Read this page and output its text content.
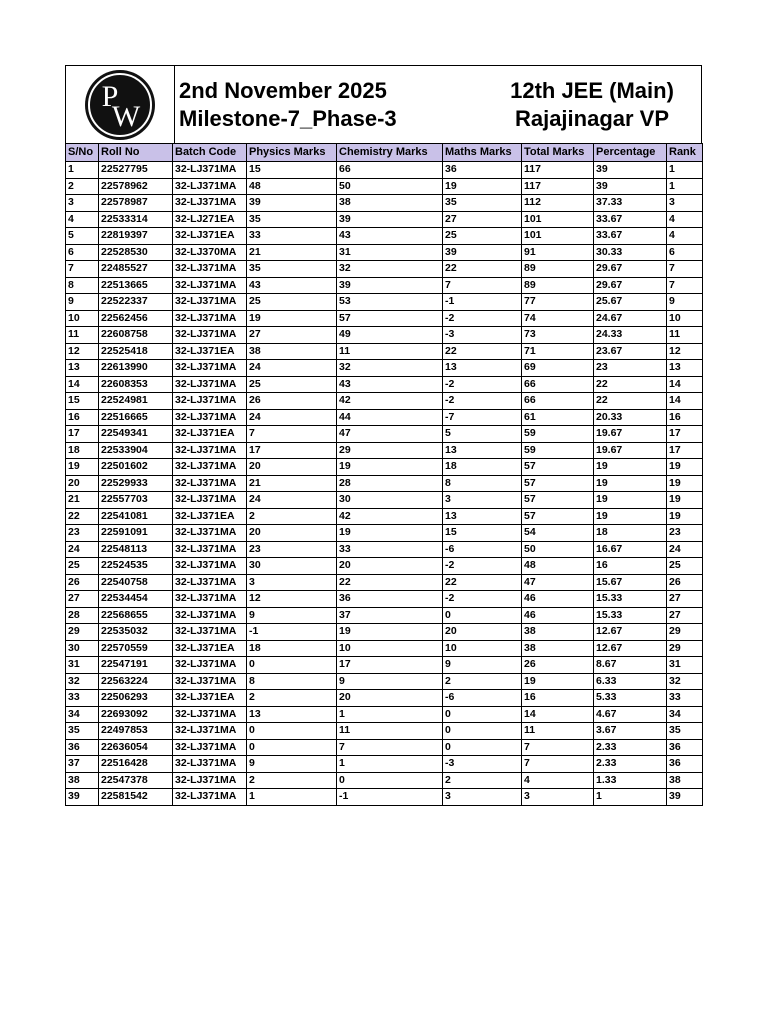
P
W
2nd November 2025	12th JEE (Main)
Milestone-7_Phase-3	Rajajinagar VP
S/No	Roll No	Batch Code	Physics Marks	Chemistry Marks	Maths Marks	Total Marks	Percentage	Rank
1	22527795	32-LJ371MA	15	66	36	117	39	1
2	22578962	32-LJ371MA	48	50	19	117	39	1
3	22578987	32-LJ371MA	39	38	35	112	37.33	3
4	22533314	32-LJ271EA	35	39	27	101	33.67	4
5	22819397	32-LJ371EA	33	43	25	101	33.67	4
6	22528530	32-LJ370MA	21	31	39	91	30.33	6
7	22485527	32-LJ371MA	35	32	22	89	29.67	7
8	22513665	32-LJ371MA	43	39	7	89	29.67	7
9	22522337	32-LJ371MA	25	53	-1	77	25.67	9
10	22562456	32-LJ371MA	19	57	-2	74	24.67	10
11	22608758	32-LJ371MA	27	49	-3	73	24.33	11
12	22525418	32-LJ371EA	38	11	22	71	23.67	12
13	22613990	32-LJ371MA	24	32	13	69	23	13
14	22608353	32-LJ371MA	25	43	-2	66	22	14
15	22524981	32-LJ371MA	26	42	-2	66	22	14
16	22516665	32-LJ371MA	24	44	-7	61	20.33	16
17	22549341	32-LJ371EA	7	47	5	59	19.67	17
18	22533904	32-LJ371MA	17	29	13	59	19.67	17
19	22501602	32-LJ371MA	20	19	18	57	19	19
20	22529933	32-LJ371MA	21	28	8	57	19	19
21	22557703	32-LJ371MA	24	30	3	57	19	19
22	22541081	32-LJ371EA	2	42	13	57	19	19
23	22591091	32-LJ371MA	20	19	15	54	18	23
24	22548113	32-LJ371MA	23	33	-6	50	16.67	24
25	22524535	32-LJ371MA	30	20	-2	48	16	25
26	22540758	32-LJ371MA	3	22	22	47	15.67	26
27	22534454	32-LJ371MA	12	36	-2	46	15.33	27
28	22568655	32-LJ371MA	9	37	0	46	15.33	27
29	22535032	32-LJ371MA	-1	19	20	38	12.67	29
30	22570559	32-LJ371EA	18	10	10	38	12.67	29
31	22547191	32-LJ371MA	0	17	9	26	8.67	31
32	22563224	32-LJ371MA	8	9	2	19	6.33	32
33	22506293	32-LJ371EA	2	20	-6	16	5.33	33
34	22693092	32-LJ371MA	13	1	0	14	4.67	34
35	22497853	32-LJ371MA	0	11	0	11	3.67	35
36	22636054	32-LJ371MA	0	7	0	7	2.33	36
37	22516428	32-LJ371MA	9	1	-3	7	2.33	36
38	22547378	32-LJ371MA	2	0	2	4	1.33	38
39	22581542	32-LJ371MA	1	-1	3	3	1	39
